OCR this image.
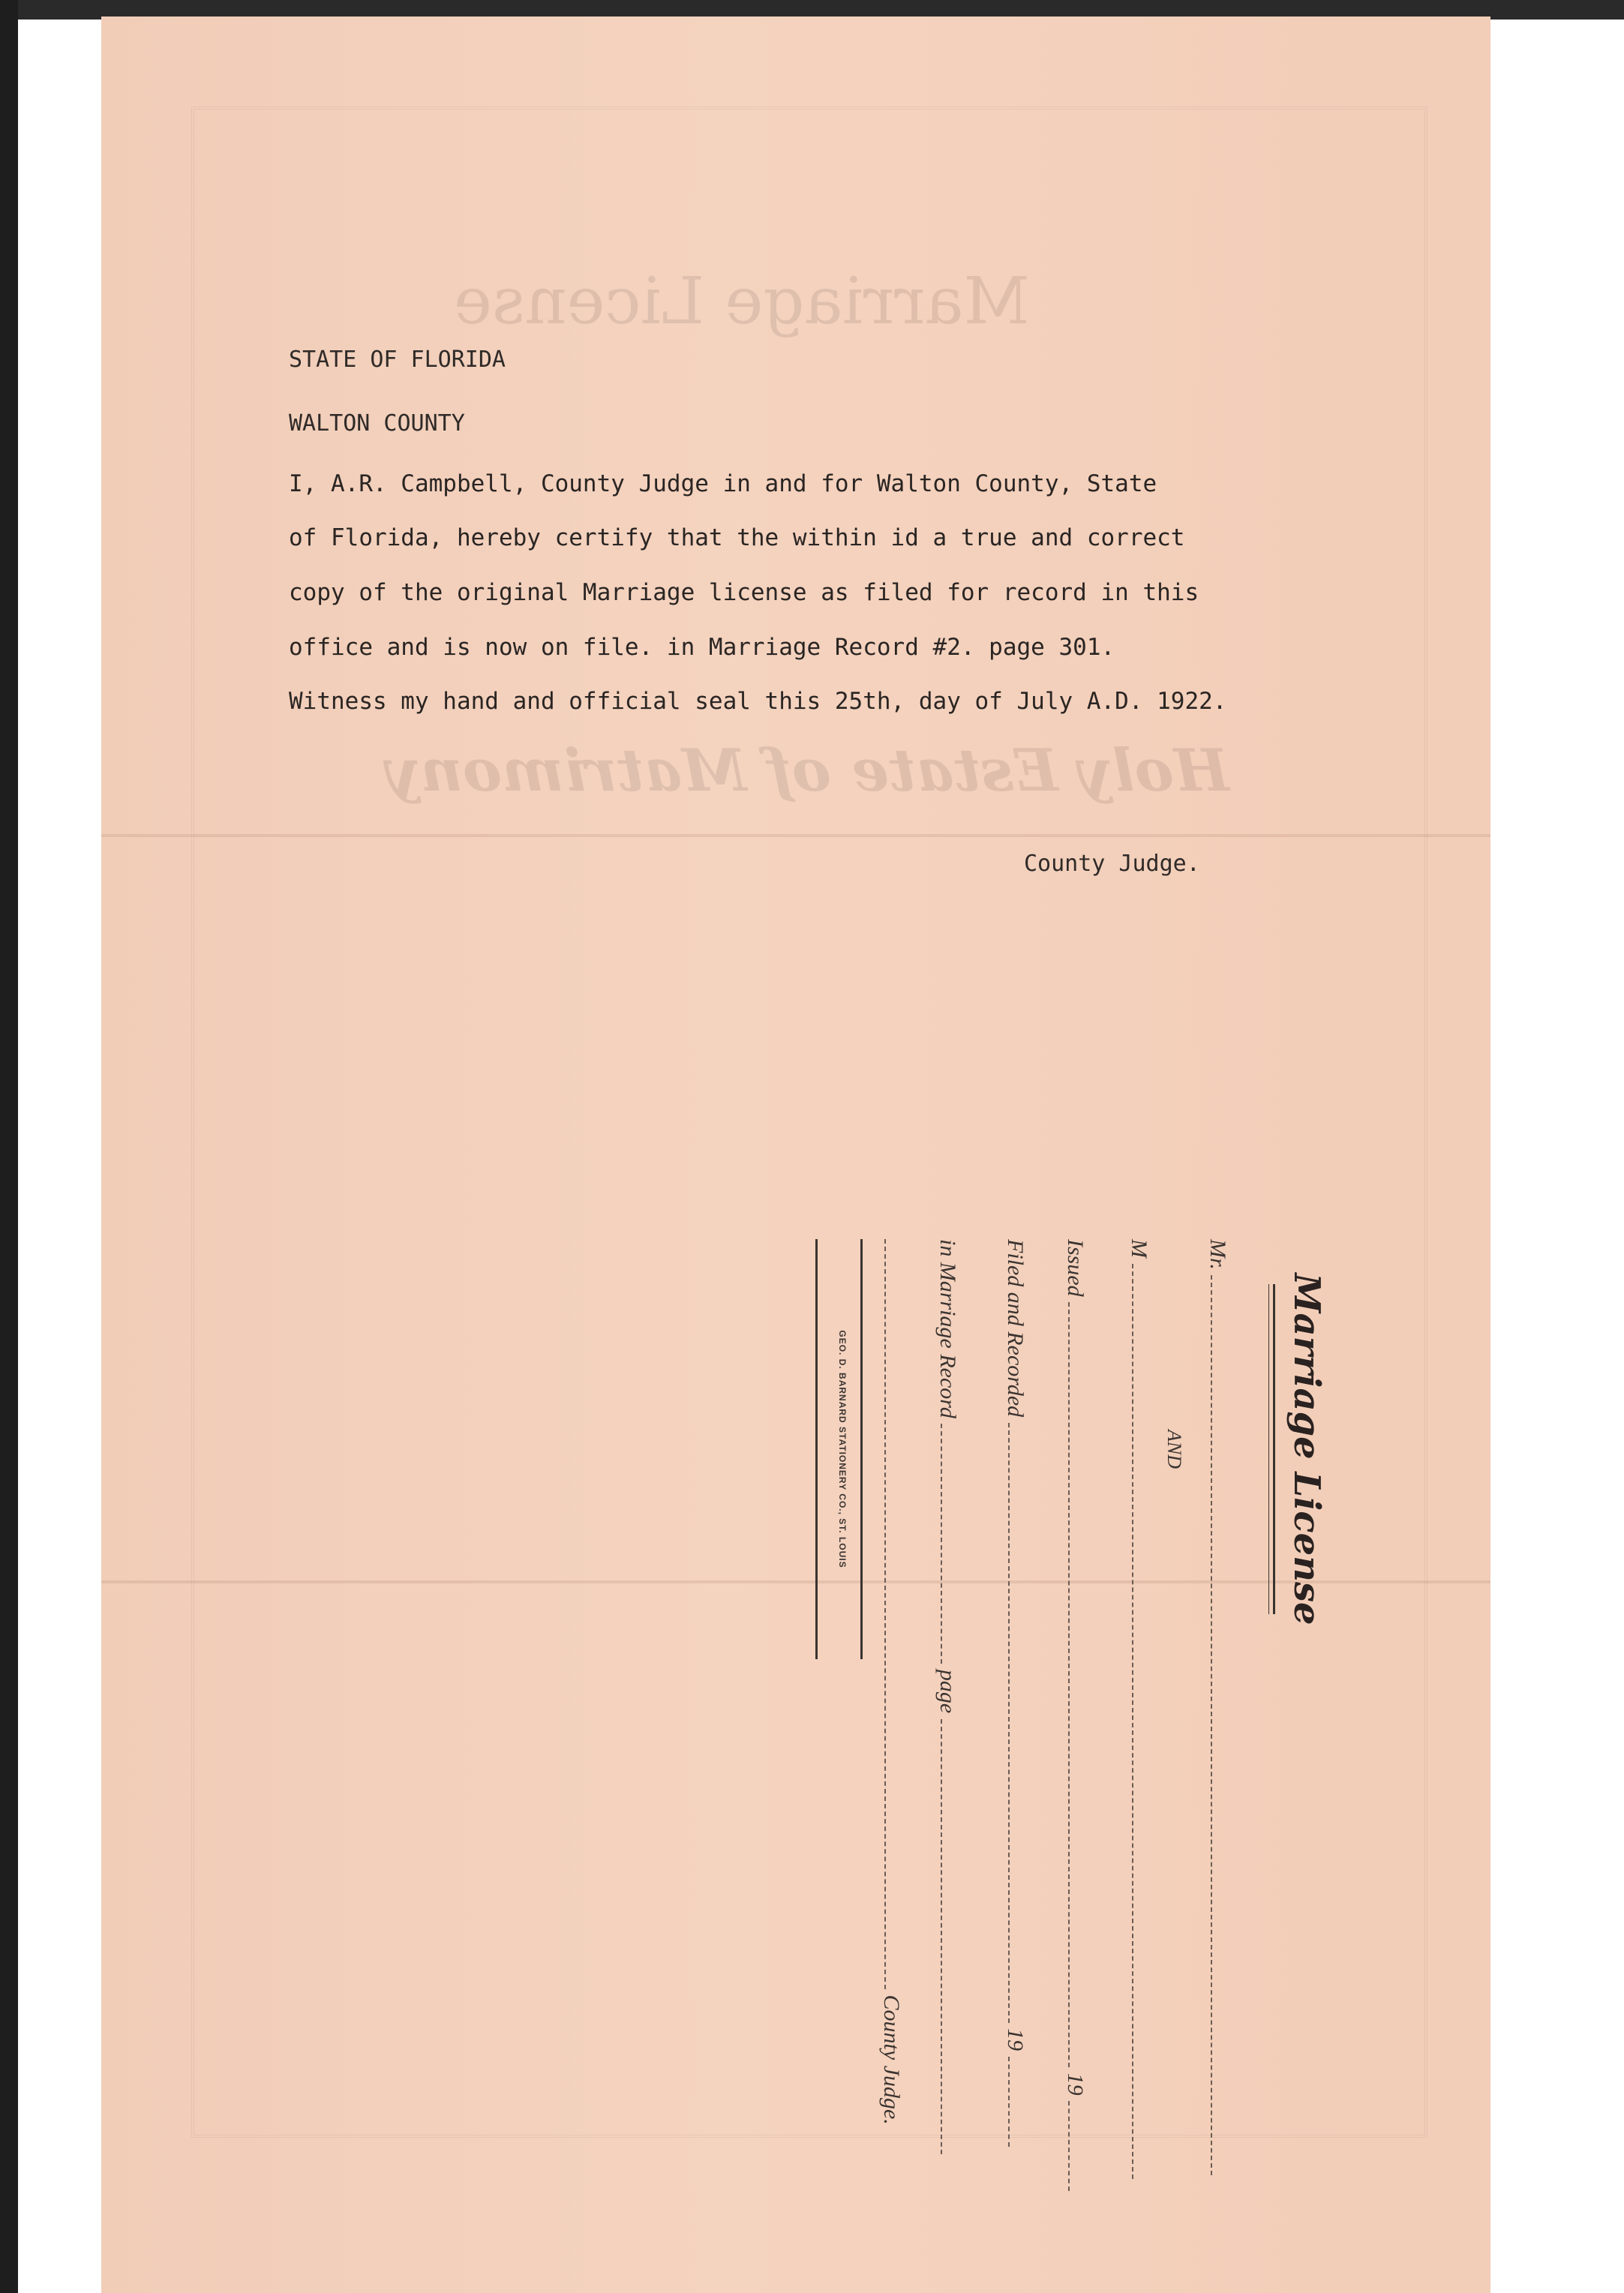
Marriage License
Holy Estate of Matrimony
STATE OF FLORIDA
WALTON COUNTY
I, A.R. Campbell, County Judge in and for Walton County, State
of Florida, hereby certify that the within id a true and correct
copy of the original Marriage license as filed for record in this
office and is now on file. in Marriage Record #2. page 301.
Witness my hand and official seal this 25th, day of July A.D. 1922.
County Judge.
Marriage License
Mr.
AND
M
Issued  19
Filed and Recorded  19
in Marriage Record  page
County Judge.
GEO. D. BARNARD STATIONERY CO., ST. LOUIS
